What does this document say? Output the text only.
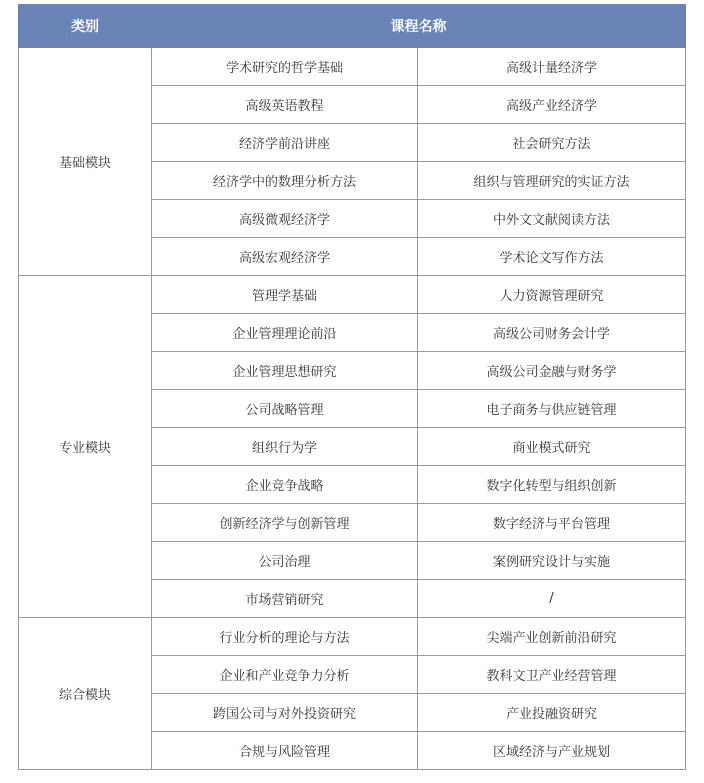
类别	课程名称	
基础模块	学术研究的哲学基础	高级计量经济学
	高级英语教程	高级产业经济学
	经济学前沿讲座	社会研究方法
	经济学中的数理分析方法	组织与管理研究的实证方法
	高级微观经济学	中外文文献阅读方法
	高级宏观经济学	学术论文写作方法
专业模块	管理学基础	人力资源管理研究
	企业管理理论前沿	高级公司财务会计学
	企业管理思想研究	高级公司金融与财务学
	公司战略管理	电子商务与供应链管理
	组织行为学	商业模式研究
	企业竞争战略	数字化转型与组织创新
	创新经济学与创新管理	数字经济与平台管理
	公司治理	案例研究设计与实施
	市场营销研究	/
综合模块	行业分析的理论与方法	尖端产业创新前沿研究
	企业和产业竞争力分析	教科文卫产业经营管理
	跨国公司与对外投资研究	产业投融资研究
	合规与风险管理	区域经济与产业规划
